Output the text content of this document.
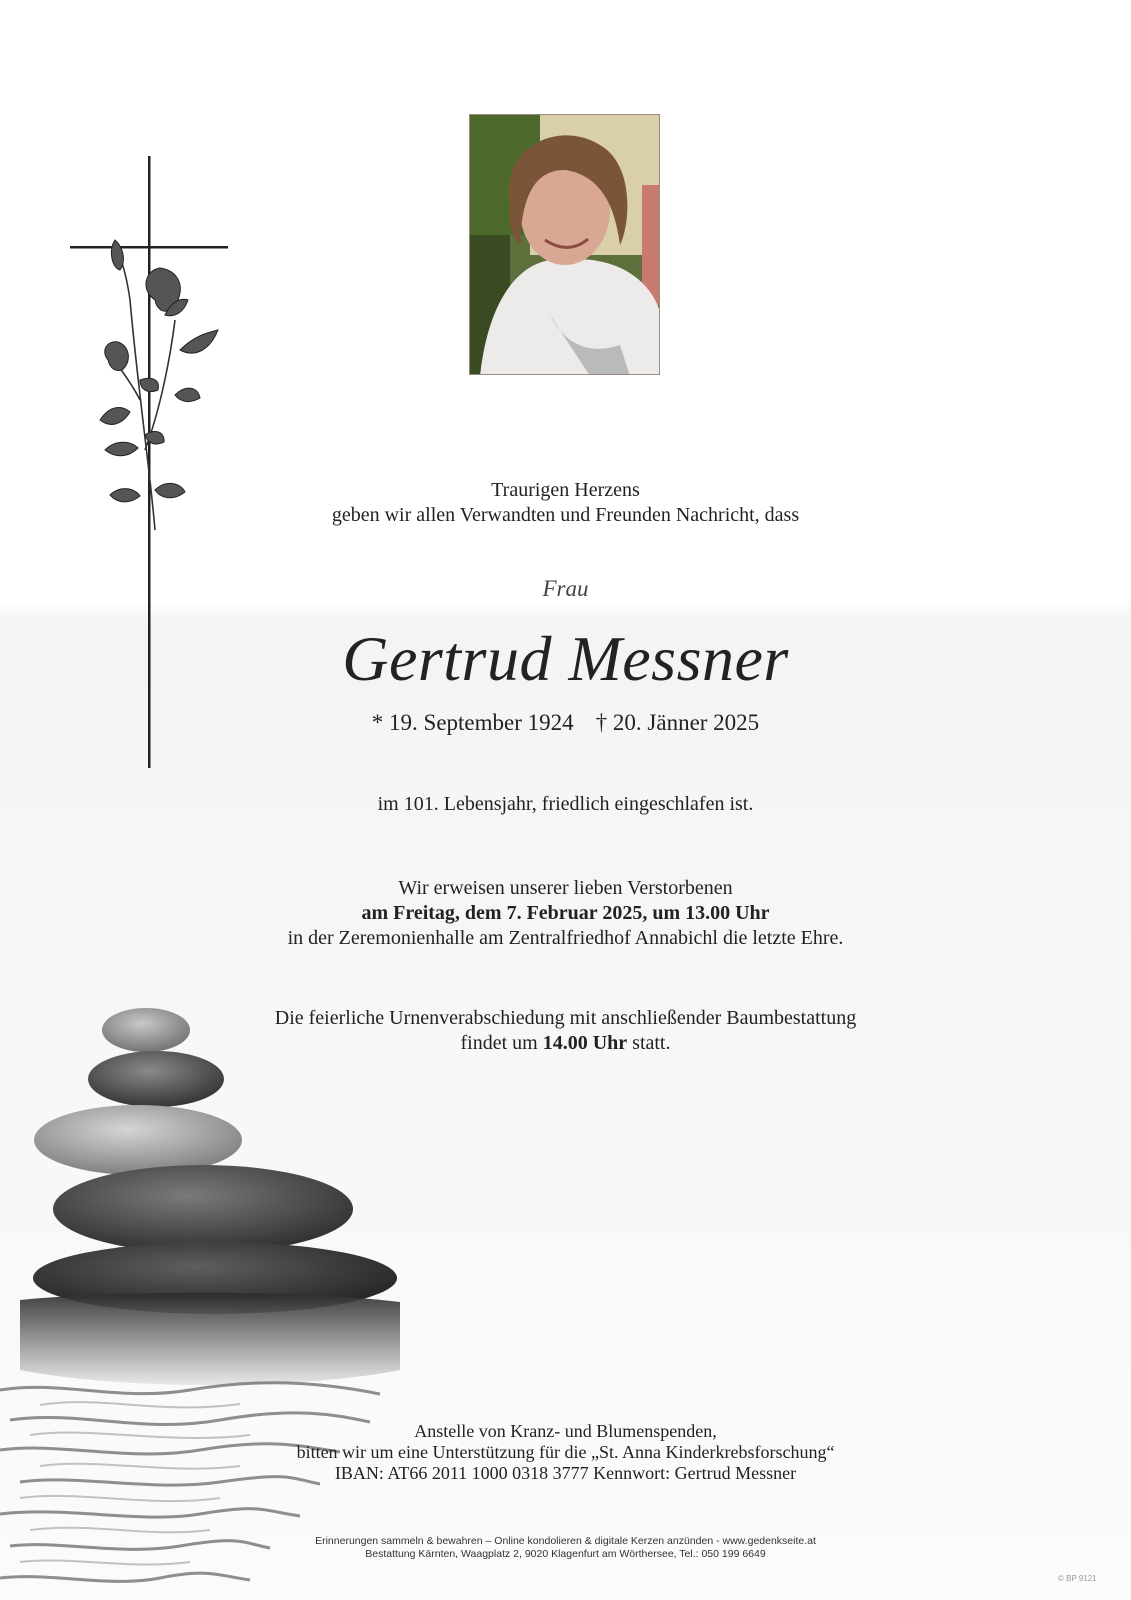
Traurigen Herzens
geben wir allen Verwandten und Freunden Nachricht, dass
Frau
Gertrud Messner
* 19. September 1924 † 20. Jänner 2025
im 101. Lebensjahr, friedlich eingeschlafen ist.
Wir erweisen unserer lieben Verstorbenen
am Freitag, dem 7. Februar 2025, um 13.00 Uhr
in der Zeremonienhalle am Zentralfriedhof Annabichl die letzte Ehre.
Die feierliche Urnenverabschiedung mit anschließender Baumbestattung
findet um 14.00 Uhr statt.
Anstelle von Kranz- und Blumenspenden,
bitten wir um eine Unterstützung für die „St. Anna Kinderkrebsforschung“
IBAN: AT66 2011 1000 0318 3777 Kennwort: Gertrud Messner
Erinnerungen sammeln & bewahren – Online kondolieren & digitale Kerzen anzünden - www.gedenkseite.at
Bestattung Kärnten, Waagplatz 2, 9020 Klagenfurt am Wörthersee, Tel.: 050 199 6649
© BP 9121
